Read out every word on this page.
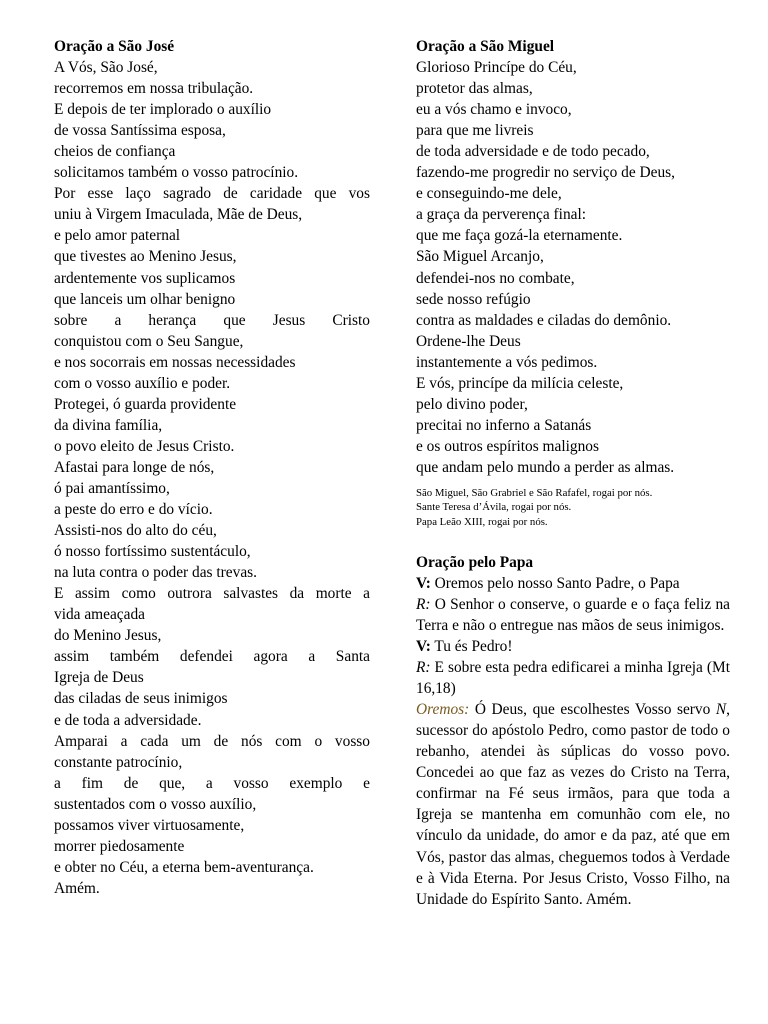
Oração a São José
A Vós, São José,
recorremos em nossa tribulação.
E depois de ter implorado o auxílio
de vossa Santíssima esposa,
cheios de confiança
solicitamos também o vosso patrocínio.
Por esse laço sagrado de caridade que vos
uniu à Virgem Imaculada, Mãe de Deus,
e pelo amor paternal
que tivestes ao Menino Jesus,
ardentemente vos suplicamos
que lanceis um olhar benigno
sobre a herança que Jesus Cristo
conquistou com o Seu Sangue,
e nos socorrais em nossas necessidades
com o vosso auxílio e poder.
Protegei, ó guarda providente
da divina família,
o povo eleito de Jesus Cristo.
Afastai para longe de nós,
ó pai amantíssimo,
a peste do erro e do vício.
Assisti-nos do alto do céu,
ó nosso fortíssimo sustentáculo,
na luta contra o poder das trevas.
E assim como outrora salvastes da morte a
vida ameaçada
do Menino Jesus,
assim também defendei agora a Santa
Igreja de Deus
das ciladas de seus inimigos
e de toda a adversidade.
Amparai a cada um de nós com o vosso
constante patrocínio,
a fim de que, a vosso exemplo e
sustentados com o vosso auxílio,
possamos viver virtuosamente,
morrer piedosamente
e obter no Céu, a eterna bem-aventurança.
Amém.
Oração a São Miguel
Glorioso Princípe do Céu,
protetor das almas,
eu a vós chamo e invoco,
para que me livreis
de toda adversidade e de todo pecado,
fazendo-me progredir no serviço de Deus,
e conseguindo-me dele,
a graça da perverença final:
que me faça gozá-la eternamente.
São Miguel Arcanjo,
defendei-nos no combate,
sede nosso refúgio
contra as maldades e ciladas do demônio.
Ordene-lhe Deus
instantemente a vós pedimos.
E vós, princípe da milícia celeste,
pelo divino poder,
precitai no inferno a Satanás
e os outros espíritos malignos
que andam pelo mundo a perder as almas.
São Miguel, São Grabriel e São Rafafel, rogai por nós.
Sante Teresa d’Ávila, rogai por nós.
Papa Leão XIII, rogai por nós.
Oração pelo Papa

V: Oremos pelo nosso Santo Padre, o Papa

R: O Senhor o conserve, o guarde e o faça feliz na Terra e não o entregue nas mãos de seus inimigos.

V: Tu és Pedro!

R: E sobre esta pedra edificarei a minha Igreja (Mt 16,18)

Oremos: Ó Deus, que escolhestes Vosso servo N, sucessor do apóstolo Pedro, como pastor de todo o rebanho, atendei às súplicas do vosso povo. Concedei ao que faz as vezes do Cristo na Terra, confirmar na Fé seus irmãos, para que toda a Igreja se mantenha em comunhão com ele, no vínculo da unidade, do amor e da paz, até que em Vós, pastor das almas, cheguemos todos à Verdade e à Vida Eterna. Por Jesus Cristo, Vosso Filho, na Unidade do Espírito Santo. Amém.
